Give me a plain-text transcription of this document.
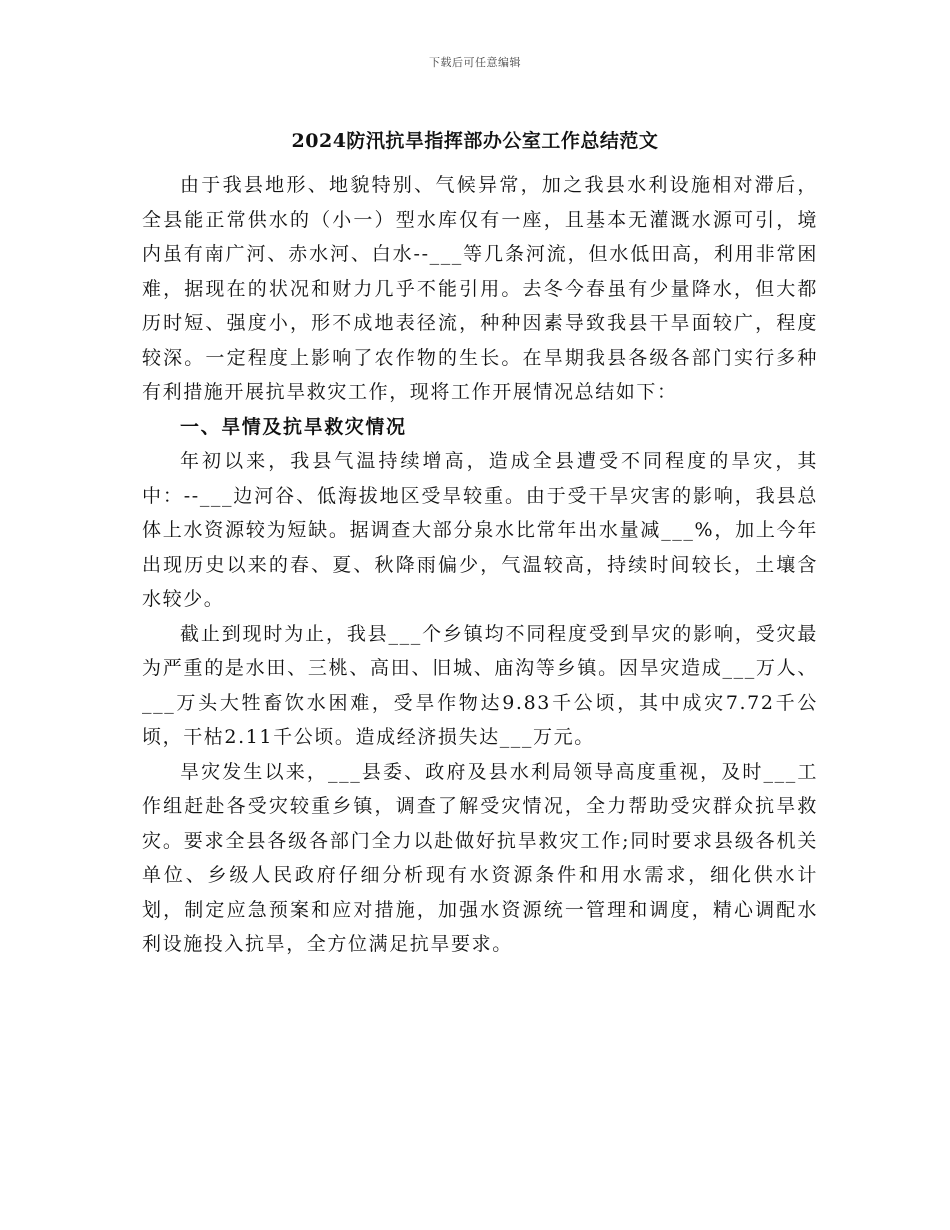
下载后可任意编辑
2024防汛抗旱指挥部办公室工作总结范文

由于我县地形、地貌特别、气候异常，加之我县水利设施相对滞后，全县能正常供水的（小一）型水库仅有一座，且基本无灌溉水源可引，境内虽有南广河、赤水河、白水--___等几条河流，但水低田高，利用非常困难，据现在的状况和财力几乎不能引用。去冬今春虽有少量降水，但大都历时短、强度小，形不成地表径流，种种因素导致我县干旱面较广，程度较深。一定程度上影响了农作物的生长。在旱期我县各级各部门实行多种有利措施开展抗旱救灾工作，现将工作开展情况总结如下：

一、旱情及抗旱救灾情况

年初以来，我县气温持续增高，造成全县遭受不同程度的旱灾，其中：--___边河谷、低海拔地区受旱较重。由于受干旱灾害的影响，我县总体上水资源较为短缺。据调查大部分泉水比常年出水量减___%，加上今年出现历史以来的春、夏、秋降雨偏少，气温较高，持续时间较长，土壤含水较少。

截止到现时为止，我县___个乡镇均不同程度受到旱灾的影响，受灾最为严重的是水田、三桃、高田、旧城、庙沟等乡镇。因旱灾造成___万人、___万头大牲畜饮水困难，受旱作物达9.83千公顷，其中成灾7.72千公顷，干枯2.11千公顷。造成经济损失达___万元。

旱灾发生以来，___县委、政府及县水利局领导高度重视，及时___工作组赶赴各受灾较重乡镇，调查了解受灾情况，全力帮助受灾群众抗旱救灾。要求全县各级各部门全力以赴做好抗旱救灾工作;同时要求县级各机关单位、乡级人民政府仔细分析现有水资源条件和用水需求，细化供水计划，制定应急预案和应对措施，加强水资源统一管理和调度，精心调配水利设施投入抗旱，全方位满足抗旱要求。
